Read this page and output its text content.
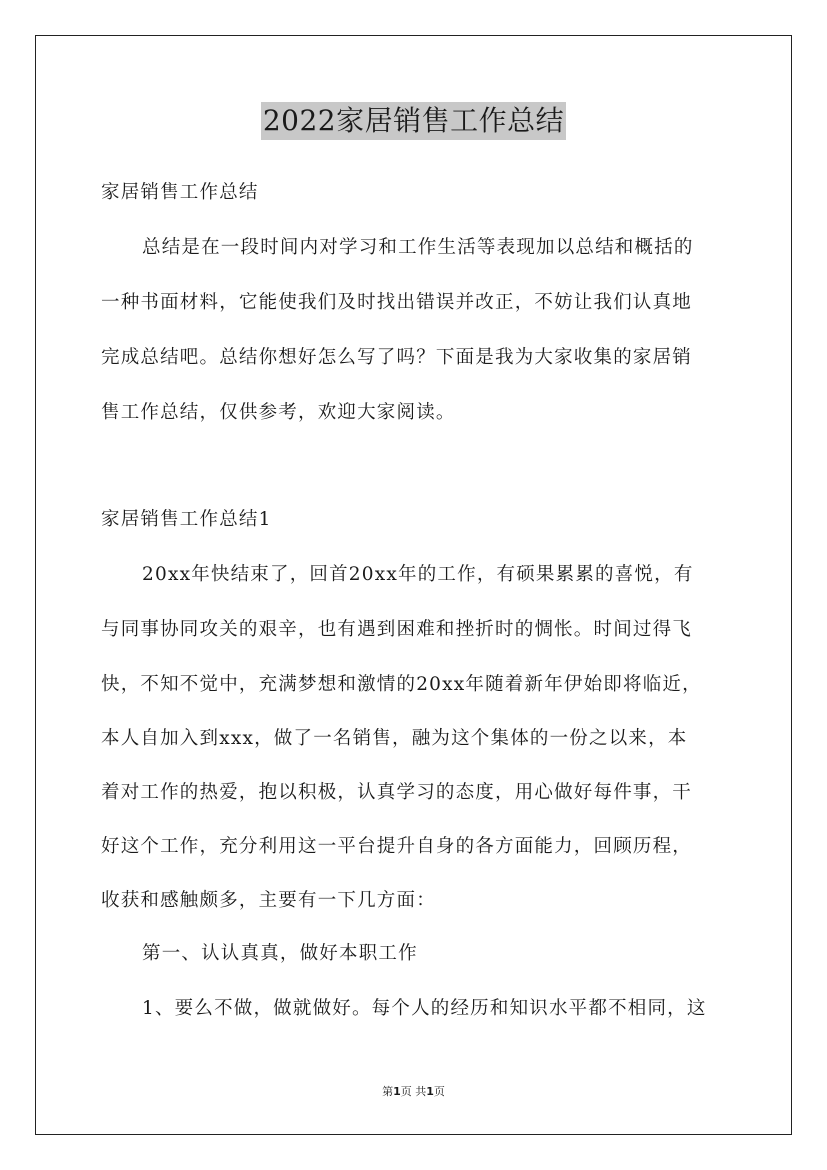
2022家居销售工作总结
家居销售工作总结
总结是在一段时间内对学习和工作生活等表现加以总结和概括的
一种书面材料，它能使我们及时找出错误并改正，不妨让我们认真地
完成总结吧。总结你想好怎么写了吗？下面是我为大家收集的家居销
售工作总结，仅供参考，欢迎大家阅读。
家居销售工作总结1
20xx年快结束了，回首20xx年的工作，有硕果累累的喜悦，有
与同事协同攻关的艰辛，也有遇到困难和挫折时的惆怅。时间过得飞
快，不知不觉中，充满梦想和激情的20xx年随着新年伊始即将临近，
本人自加入到xxx，做了一名销售，融为这个集体的一份之以来，本
着对工作的热爱，抱以积极，认真学习的态度，用心做好每件事，干
好这个工作，充分利用这一平台提升自身的各方面能力，回顾历程，
收获和感触颇多，主要有一下几方面：
第一、认认真真，做好本职工作
1、要么不做，做就做好。每个人的经历和知识水平都不相同，这
第1页 共1页
